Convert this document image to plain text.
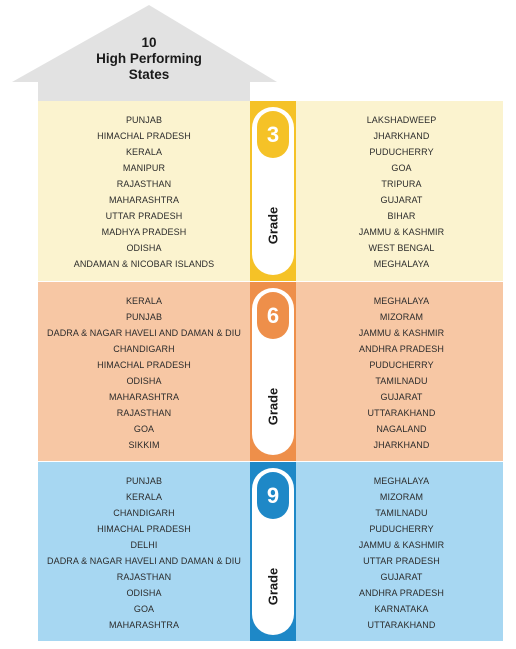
10
High Performing
States
PUNJAB
HIMACHAL PRADESH
KERALA
MANIPUR
RAJASTHAN
MAHARASHTRA
UTTAR PRADESH
MADHYA PRADESH
ODISHA
ANDAMAN & NICOBAR ISLANDS
LAKSHADWEEP
JHARKHAND
PUDUCHERRY
GOA
TRIPURA
GUJARAT
BIHAR
JAMMU & KASHMIR
WEST BENGAL
MEGHALAYA
3
Grade
KERALA
PUNJAB
DADRA & NAGAR HAVELI AND DAMAN & DIU
CHANDIGARH
HIMACHAL PRADESH
ODISHA
MAHARASHTRA
RAJASTHAN
GOA
SIKKIM
MEGHALAYA
MIZORAM
JAMMU & KASHMIR
ANDHRA PRADESH
PUDUCHERRY
TAMILNADU
GUJARAT
UTTARAKHAND
NAGALAND
JHARKHAND
6
Grade
PUNJAB
KERALA
CHANDIGARH
HIMACHAL PRADESH
DELHI
DADRA & NAGAR HAVELI AND DAMAN & DIU
RAJASTHAN
ODISHA
GOA
MAHARASHTRA
MEGHALAYA
MIZORAM
TAMILNADU
PUDUCHERRY
JAMMU & KASHMIR
UTTAR PRADESH
GUJARAT
ANDHRA PRADESH
KARNATAKA
UTTARAKHAND
9
Grade
